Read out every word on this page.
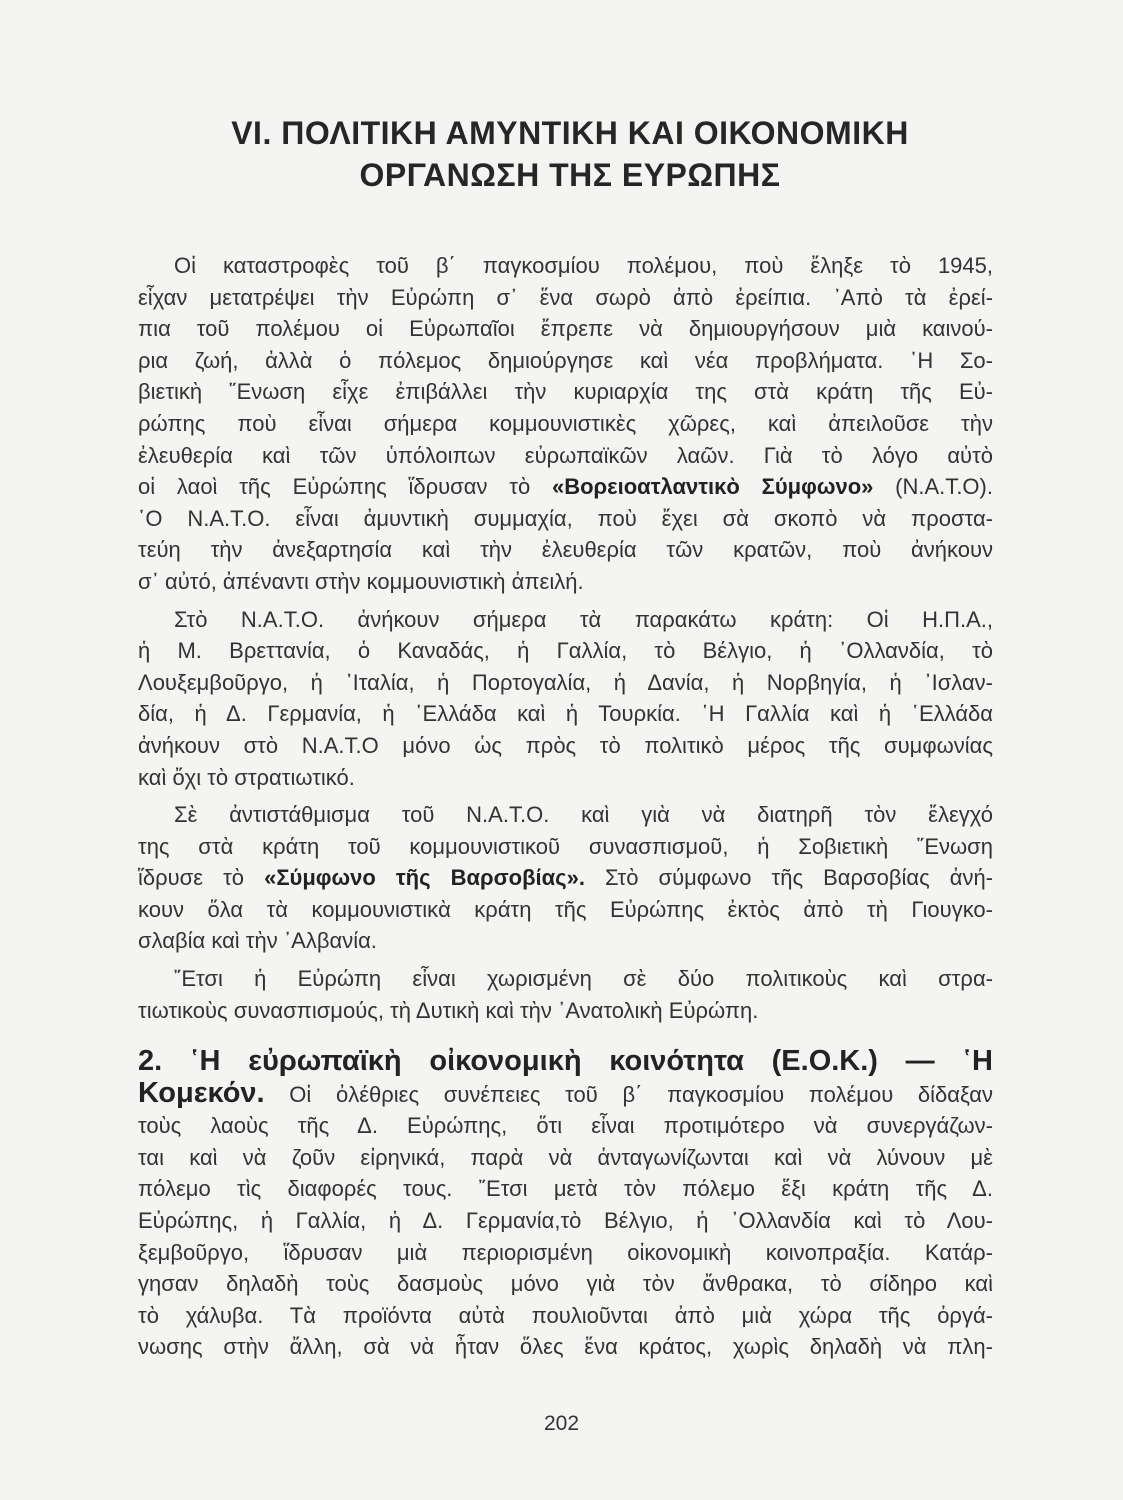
VI. ΠΟΛΙΤΙΚΗ ΑΜΥΝΤΙΚΗ ΚΑΙ ΟΙΚΟΝΟΜΙΚΗ
ΟΡΓΑΝΩΣΗ ΤΗΣ ΕΥΡΩΠΗΣ
Οἱ καταστροφὲς τοῦ β΄ παγκοσμίου πολέμου, ποὺ ἔληξε τὸ 1945,
εἶχαν μετατρέψει τὴν Εὐρώπη σ᾽ ἕνα σωρὸ ἀπὸ ἐρείπια. ᾽Απὸ τὰ ἐρεί-
πια τοῦ πολέμου οἱ Εὐρωπαῖοι ἔπρεπε νὰ δημιουργήσουν μιὰ καινού-
ρια ζωή, ἀλλὰ ὁ πόλεμος δημιούργησε καὶ νέα προβλήματα. ῾Η Σο-
βιετικὴ ῞Ενωση εἶχε ἐπιβάλλει τὴν κυριαρχία της στὰ κράτη τῆς Εὐ-
ρώπης ποὺ εἶναι σήμερα κομμουνιστικὲς χῶρες, καὶ ἀπειλοῦσε τὴν
ἐλευθερία καὶ τῶν ὑπόλοιπων εὐρωπαϊκῶν λαῶν. Γιὰ τὸ λόγο αὐτὸ
οἱ λαοὶ τῆς Εὐρώπης ἵδρυσαν τὸ «Βορειοατλαντικὸ Σύμφωνο» (Ν.Α.Τ.Ο).
῾Ο Ν.Α.Τ.Ο. εἶναι ἀμυντικὴ συμμαχία, ποὺ ἔχει σὰ σκοπὸ νὰ προστα-
τεύη τὴν ἀνεξαρτησία καὶ τὴν ἐλευθερία τῶν κρατῶν, ποὺ ἀνήκουν
σ᾽ αὐτό, ἀπέναντι στὴν κομμουνιστικὴ ἀπειλή.
Στὸ Ν.Α.Τ.Ο. ἀνήκουν σήμερα τὰ παρακάτω κράτη: Οἱ Η.Π.Α.,
ἡ Μ. Βρεττανία, ὁ Καναδάς, ἡ Γαλλία, τὸ Βέλγιο, ἡ ᾽Ολλανδία, τὸ
Λουξεμβοῦργο, ἡ ᾽Ιταλία, ἡ Πορτογαλία, ἡ Δανία, ἡ Νορβηγία, ἡ ᾽Ισλαν-
δία, ἡ Δ. Γερμανία, ἡ ῾Ελλάδα καὶ ἡ Τουρκία. ῾Η Γαλλία καὶ ἡ ῾Ελλάδα
ἀνήκουν στὸ Ν.Α.Τ.Ο μόνο ὡς πρὸς τὸ πολιτικὸ μέρος τῆς συμφωνίας
καὶ ὄχι τὸ στρατιωτικό.
Σὲ ἀντιστάθμισμα τοῦ Ν.Α.Τ.Ο. καὶ γιὰ νὰ διατηρῆ τὸν ἔλεγχό
της στὰ κράτη τοῦ κομμουνιστικοῦ συνασπισμοῦ, ἡ Σοβιετικὴ ῞Ενωση
ἵδρυσε τὸ «Σύμφωνο τῆς Βαρσοβίας». Στὸ σύμφωνο τῆς Βαρσοβίας ἀνή-
κουν ὅλα τὰ κομμουνιστικὰ κράτη τῆς Εὐρώπης ἐκτὸς ἀπὸ τὴ Γιουγκο-
σλαβία καὶ τὴν ᾽Αλβανία.
῎Ετσι ἡ Εὐρώπη εἶναι χωρισμένη σὲ δύο πολιτικοὺς καὶ στρα-
τιωτικοὺς συνασπισμούς, τὴ Δυτικὴ καὶ τὴν ᾽Ανατολικὴ Εὐρώπη.
2. ῾Η εὐρωπαϊκὴ οἰκονομικὴ κοινότητα (Ε.Ο.Κ.) — ῾Η
Κομεκόν. Οἱ ὀλέθριες συνέπειες τοῦ β΄ παγκοσμίου πολέμου δίδαξαν
τοὺς λαοὺς τῆς Δ. Εὐρώπης, ὅτι εἶναι προτιμότερο νὰ συνεργάζων-
ται καὶ νὰ ζοῦν εἰρηνικά, παρὰ νὰ ἀνταγωνίζωνται καὶ νὰ λύνουν μὲ
πόλεμο τὶς διαφορές τους. ῎Ετσι μετὰ τὸν πόλεμο ἕξι κράτη τῆς Δ.
Εὐρώπης, ἡ Γαλλία, ἡ Δ. Γερμανία,τὸ Βέλγιο, ἡ ᾽Ολλανδία καὶ τὸ Λου-
ξεμβοῦργο, ἵδρυσαν μιὰ περιορισμένη οἰκονομικὴ κοινοπραξία. Κατάρ-
γησαν δηλαδὴ τοὺς δασμοὺς μόνο γιὰ τὸν ἄνθρακα, τὸ σίδηρο καὶ
τὸ χάλυβα. Τὰ προϊόντα αὐτὰ πουλιοῦνται ἀπὸ μιὰ χώρα τῆς ὀργά-
νωσης στὴν ἄλλη, σὰ νὰ ἦταν ὅλες ἕνα κράτος, χωρὶς δηλαδὴ νὰ πλη-
202
